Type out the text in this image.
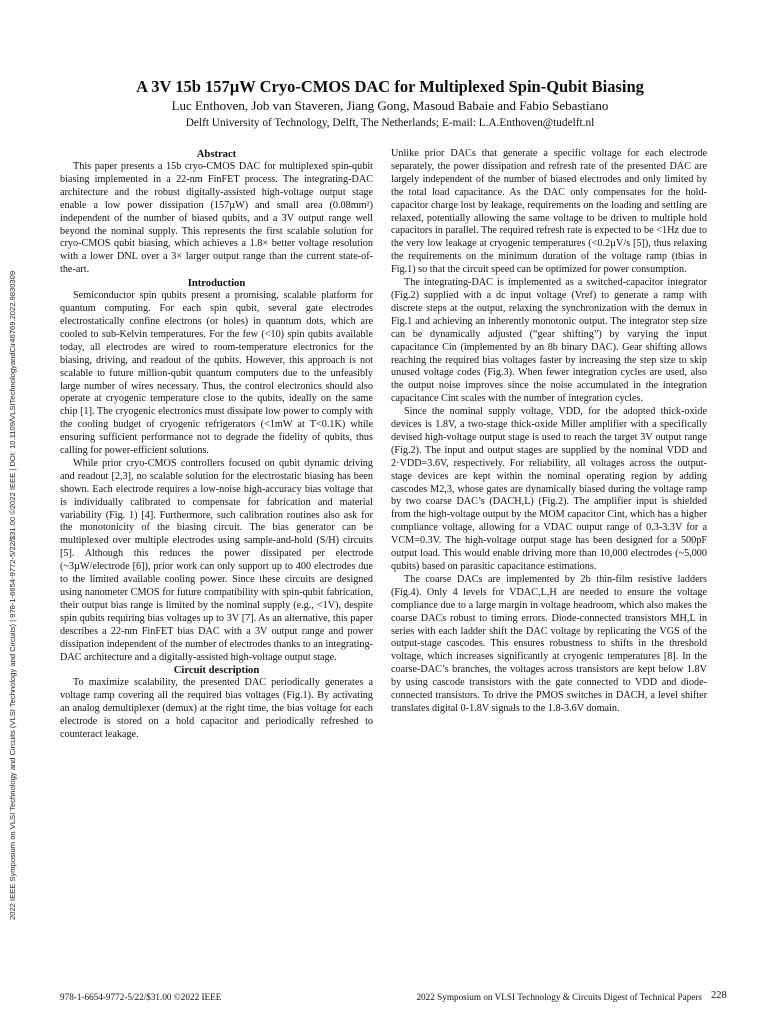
2022 IEEE Symposium on VLSI Technology and Circuits (VLSI Technology and Circuits) | 978-1-6654-9772-5/22/$31.00 ©2022 IEEE | DOI: 10.1109/VLSITechnologyandCir46769.2022.9830309
A 3V 15b 157µW Cryo-CMOS DAC for Multiplexed Spin-Qubit Biasing
Luc Enthoven, Job van Staveren, Jiang Gong, Masoud Babaie and Fabio Sebastiano
Delft University of Technology, Delft, The Netherlands; E-mail: L.A.Enthoven@tudelft.nl
Abstract

This paper presents a 15b cryo-CMOS DAC for multiplexed spin-qubit biasing implemented in a 22-nm FinFET process. The integrating-DAC architecture and the robust digitally-assisted high-voltage output stage enable a low power dissipation (157µW) and small area (0.08mm²) independent of the number of biased qubits, and a 3V output range well beyond the nominal supply. This represents the first scalable solution for cryo-CMOS qubit biasing, which achieves a 1.8× better voltage resolution with a lower DNL over a 3× larger output range than the current state-of-the-art.

Introduction

Semiconductor spin qubits present a promising, scalable platform for quantum computing. For each spin qubit, several gate electrodes electrostatically confine electrons (or holes) in quantum dots, which are cooled to sub-Kelvin temperatures. For the few (<10) spin qubits available today, all electrodes are wired to room-temperature electronics for the biasing, driving, and readout of the qubits. However, this approach is not scalable to future million-qubit quantum computers due to the unfeasibly large number of wires necessary. Thus, the control electronics should also operate at cryogenic temperature close to the qubits, ideally on the same chip [1]. The cryogenic electronics must dissipate low power to comply with the cooling budget of cryogenic refrigerators (<1mW at T<0.1K) while ensuring sufficient performance not to degrade the fidelity of qubits, thus calling for power-efficient solutions.

While prior cryo-CMOS controllers focused on qubit dynamic driving and readout [2,3], no scalable solution for the electrostatic biasing has been shown. Each electrode requires a low-noise high-accuracy bias voltage that is individually calibrated to compensate for fabrication and material variability (Fig. 1) [4]. Furthermore, such calibration routines also ask for the monotonicity of the biasing circuit. The bias generator can be multiplexed over multiple electrodes using sample-and-hold (S/H) circuits [5]. Although this reduces the power dissipated per electrode (~3µW/electrode [6]), prior work can only support up to 400 electrodes due to the limited available cooling power. Since these circuits are designed using nanometer CMOS for future compatibility with spin-qubit fabrication, their output bias range is limited by the nominal supply (e.g., <1V), despite spin qubits requiring bias voltages up to 3V [7]. As an alternative, this paper describes a 22-nm FinFET bias DAC with a 3V output range and power dissipation independent of the number of electrodes thanks to an integrating-DAC architecture and a digitally-assisted high-voltage output stage.

Circuit description

To maximize scalability, the presented DAC periodically generates a voltage ramp covering all the required bias voltages (Fig.1). By activating an analog demultiplexer (demux) at the right time, the bias voltage for each electrode is stored on a hold capacitor and periodically refreshed to counteract leakage.

Unlike prior DACs that generate a specific voltage for each electrode separately, the power dissipation and refresh rate of the presented DAC are largely independent of the number of biased electrodes and only limited by the total load capacitance. As the DAC only compensates for the hold-capacitor charge lost by leakage, requirements on the loading and settling are relaxed, potentially allowing the same voltage to be driven to multiple hold capacitors in parallel. The required refresh rate is expected to be <1Hz due to the very low leakage at cryogenic temperatures (<0.2µV/s [5]), thus relaxing the requirements on the minimum duration of the voltage ramp (tbias in Fig.1) so that the circuit speed can be optimized for power consumption.

The integrating-DAC is implemented as a switched-capacitor integrator (Fig.2) supplied with a dc input voltage (Vref) to generate a ramp with discrete steps at the output, relaxing the synchronization with the demux in Fig.1 and achieving an inherently monotonic output. The integrator step size can be dynamically adjusted (“gear shifting”) by varying the input capacitance Cin (implemented by an 8b binary DAC). Gear shifting allows reaching the required bias voltages faster by increasing the step size to skip unused voltage codes (Fig.3). When fewer integration cycles are used, also the output noise improves since the noise accumulated in the integration capacitance Cint scales with the number of integration cycles.

Since the nominal supply voltage, VDD, for the adopted thick-oxide devices is 1.8V, a two-stage thick-oxide Miller amplifier with a specifically devised high-voltage output stage is used to reach the target 3V output range (Fig.2). The input and output stages are supplied by the nominal VDD and 2·VDD=3.6V, respectively. For reliability, all voltages across the output-stage devices are kept within the nominal operating region by adding cascodes M2,3, whose gates are dynamically biased during the voltage ramp by two coarse DAC’s (DACH,L) (Fig.2). The amplifier input is shielded from the high-voltage output by the MOM capacitor Cint, which has a higher compliance voltage, allowing for a VDAC output range of 0.3-3.3V for a VCM=0.3V. The high-voltage output stage has been designed for a 500pF output load. This would enable driving more than 10,000 electrodes (~5,000 qubits) based on parasitic capacitance estimations.

The coarse DACs are implemented by 2b thin-film resistive ladders (Fig.4). Only 4 levels for VDAC,L,H are needed to ensure the voltage compliance due to a large margin in voltage headroom, which also makes the coarse DACs robust to timing errors. Diode-connected transistors MH,L in series with each ladder shift the DAC voltage by replicating the VGS of the output-stage cascodes. This ensures robustness to shifts in the threshold voltage, which increases significantly at cryogenic temperatures [8]. In the coarse-DAC’s branches, the voltages across transistors are kept below 1.8V by using cascode transistors with the gate connected to VDD and diode-connected transistors. To drive the PMOS switches in DACH, a level shifter translates digital 0-1.8V signals to the 1.8-3.6V domain.

978-1-6654-9772-5/22/$31.00 ©2022 IEEE	2022 Symposium on VLSI Technology & Circuits Digest of Technical Papers 228
